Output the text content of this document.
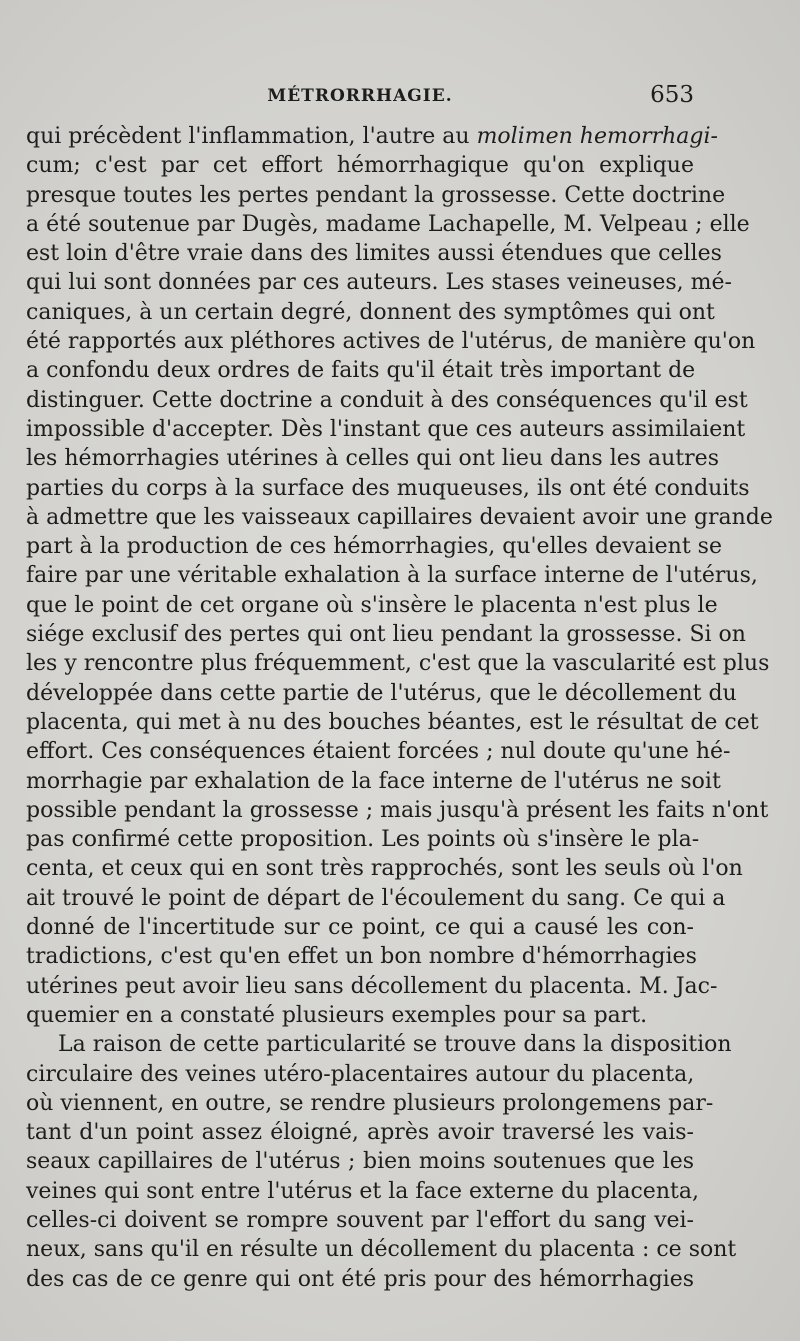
MÉTRORRHAGIE.	653
qui précèdent l'inflammation, l'autre au molimen hemorrhagi-
cum; c'est par cet effort hémorrhagique qu'on explique
presque toutes les pertes pendant la grossesse. Cette doctrine
a été soutenue par Dugès, madame Lachapelle, M. Velpeau ; elle
est loin d'être vraie dans des limites aussi étendues que celles
qui lui sont données par ces auteurs. Les stases veineuses, mé-
caniques, à un certain degré, donnent des symptômes qui ont
été rapportés aux pléthores actives de l'utérus, de manière qu'on
a confondu deux ordres de faits qu'il était très important de
distinguer. Cette doctrine a conduit à des conséquences qu'il est
impossible d'accepter. Dès l'instant que ces auteurs assimilaient
les hémorrhagies utérines à celles qui ont lieu dans les autres
parties du corps à la surface des muqueuses, ils ont été conduits
à admettre que les vaisseaux capillaires devaient avoir une grande
part à la production de ces hémorrhagies, qu'elles devaient se
faire par une véritable exhalation à la surface interne de l'utérus,
que le point de cet organe où s'insère le placenta n'est plus le
siége exclusif des pertes qui ont lieu pendant la grossesse. Si on
les y rencontre plus fréquemment, c'est que la vascularité est plus
développée dans cette partie de l'utérus, que le décollement du
placenta, qui met à nu des bouches béantes, est le résultat de cet
effort. Ces conséquences étaient forcées ; nul doute qu'une hé-
morrhagie par exhalation de la face interne de l'utérus ne soit
possible pendant la grossesse ; mais jusqu'à présent les faits n'ont
pas confirmé cette proposition. Les points où s'insère le pla-
centa, et ceux qui en sont très rapprochés, sont les seuls où l'on
ait trouvé le point de départ de l'écoulement du sang. Ce qui a
donné de l'incertitude sur ce point, ce qui a causé les con-
tradictions, c'est qu'en effet un bon nombre d'hémorrhagies
utérines peut avoir lieu sans décollement du placenta. M. Jac-
quemier en a constaté plusieurs exemples pour sa part.
La raison de cette particularité se trouve dans la disposition
circulaire des veines utéro-placentaires autour du placenta,
où viennent, en outre, se rendre plusieurs prolongemens par-
tant d'un point assez éloigné, après avoir traversé les vais-
seaux capillaires de l'utérus ; bien moins soutenues que les
veines qui sont entre l'utérus et la face externe du placenta,
celles-ci doivent se rompre souvent par l'effort du sang vei-
neux, sans qu'il en résulte un décollement du placenta : ce sont
des cas de ce genre qui ont été pris pour des hémorrhagies
